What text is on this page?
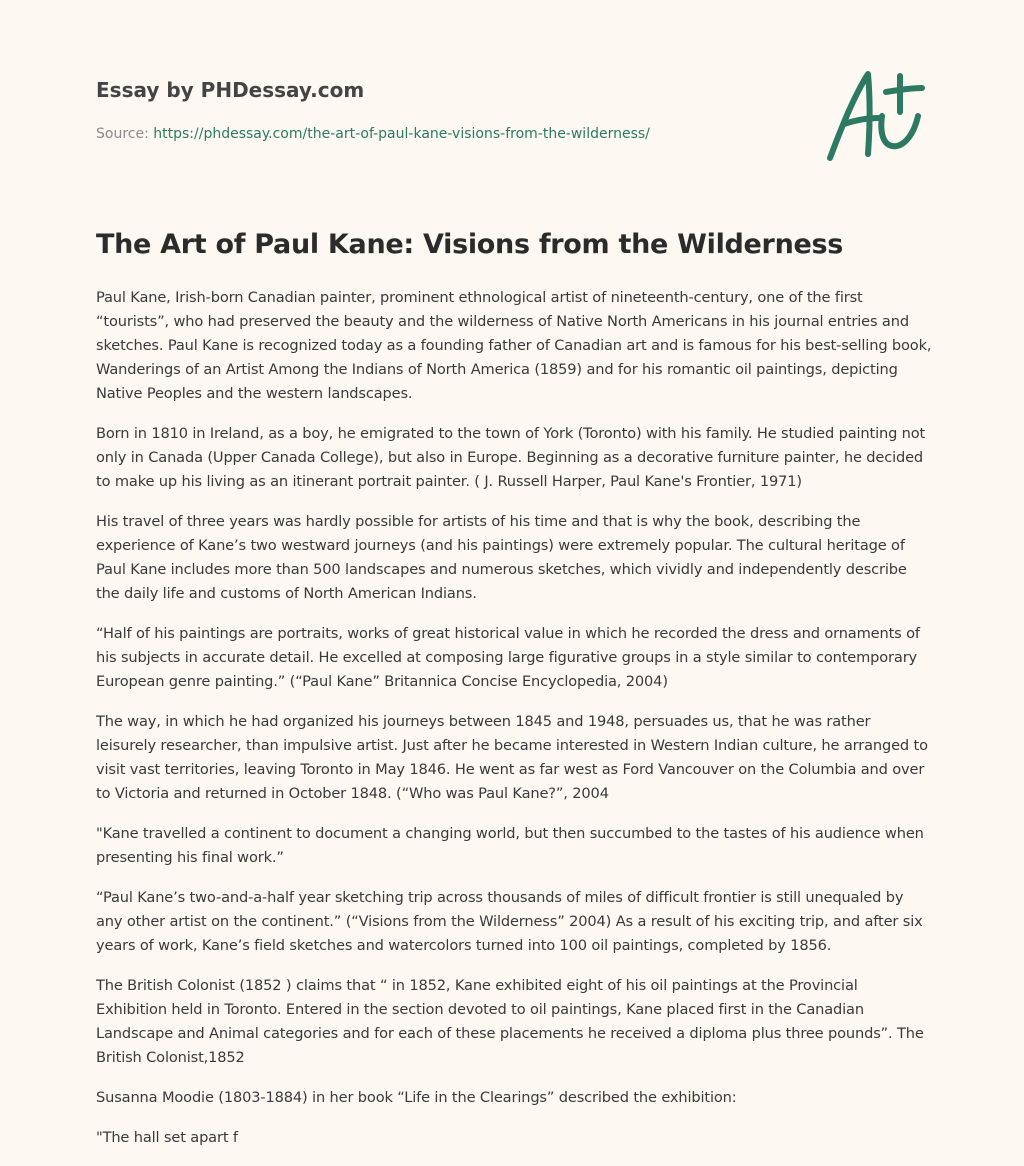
Essay by PHDessay.com
Source: https://phdessay.com/the-art-of-paul-kane-visions-from-the-wilderness/
The Art of Paul Kane: Visions from the Wilderness

Paul Kane, Irish-born Canadian painter, prominent ethnological artist of nineteenth-century, one of the first “tourists”, who had preserved the beauty and the wilderness of Native North Americans in his journal entries and sketches. Paul Kane is recognized today as a founding father of Canadian art and is famous for his best-selling book, Wanderings of an Artist Among the Indians of North America (1859) and for his romantic oil paintings, depicting Native Peoples and the western landscapes.

Born in 1810 in Ireland, as a boy, he emigrated to the town of York (Toronto) with his family. He studied painting not only in Canada (Upper Canada College), but also in Europe. Beginning as a decorative furniture painter, he decided to make up his living as an itinerant portrait painter. ( J. Russell Harper, Paul Kane's Frontier, 1971)

His travel of three years was hardly possible for artists of his time and that is why the book, describing the experience of Kane’s two westward journeys (and his paintings) were extremely popular. The cultural heritage of Paul Kane includes more than 500 landscapes and numerous sketches, which vividly and independently describe the daily life and customs of North American Indians.

“Half of his paintings are portraits, works of great historical value in which he recorded the dress and ornaments of his subjects in accurate detail. He excelled at composing large figurative groups in a style similar to contemporary European genre painting.” (“Paul Kane” Britannica Concise Encyclopedia, 2004)

The way, in which he had organized his journeys between 1845 and 1948, persuades us, that he was rather leisurely researcher, than impulsive artist. Just after he became interested in Western Indian culture, he arranged to visit vast territories, leaving Toronto in May 1846. He went as far west as Ford Vancouver on the Columbia and over to Victoria and returned in October 1848. (“Who was Paul Kane?”, 2004

"Kane travelled a continent to document a changing world, but then succumbed to the tastes of his audience when presenting his final work.”

“Paul Kane’s two-and-a-half year sketching trip across thousands of miles of difficult frontier is still unequaled by any other artist on the continent.” (“Visions from the Wilderness” 2004) As a result of his exciting trip, and after six years of work, Kane’s field sketches and watercolors turned into 100 oil paintings, completed by 1856.

The British Colonist (1852 ) claims that “ in 1852, Kane exhibited eight of his oil paintings at the Provincial Exhibition held in Toronto. Entered in the section devoted to oil paintings, Kane placed first in the Canadian Landscape and Animal categories and for each of these placements he received a diploma plus three pounds”. The British Colonist,1852

Susanna Moodie (1803-1884) in her book “Life in the Clearings” described the exhibition:

"The hall set apart f
